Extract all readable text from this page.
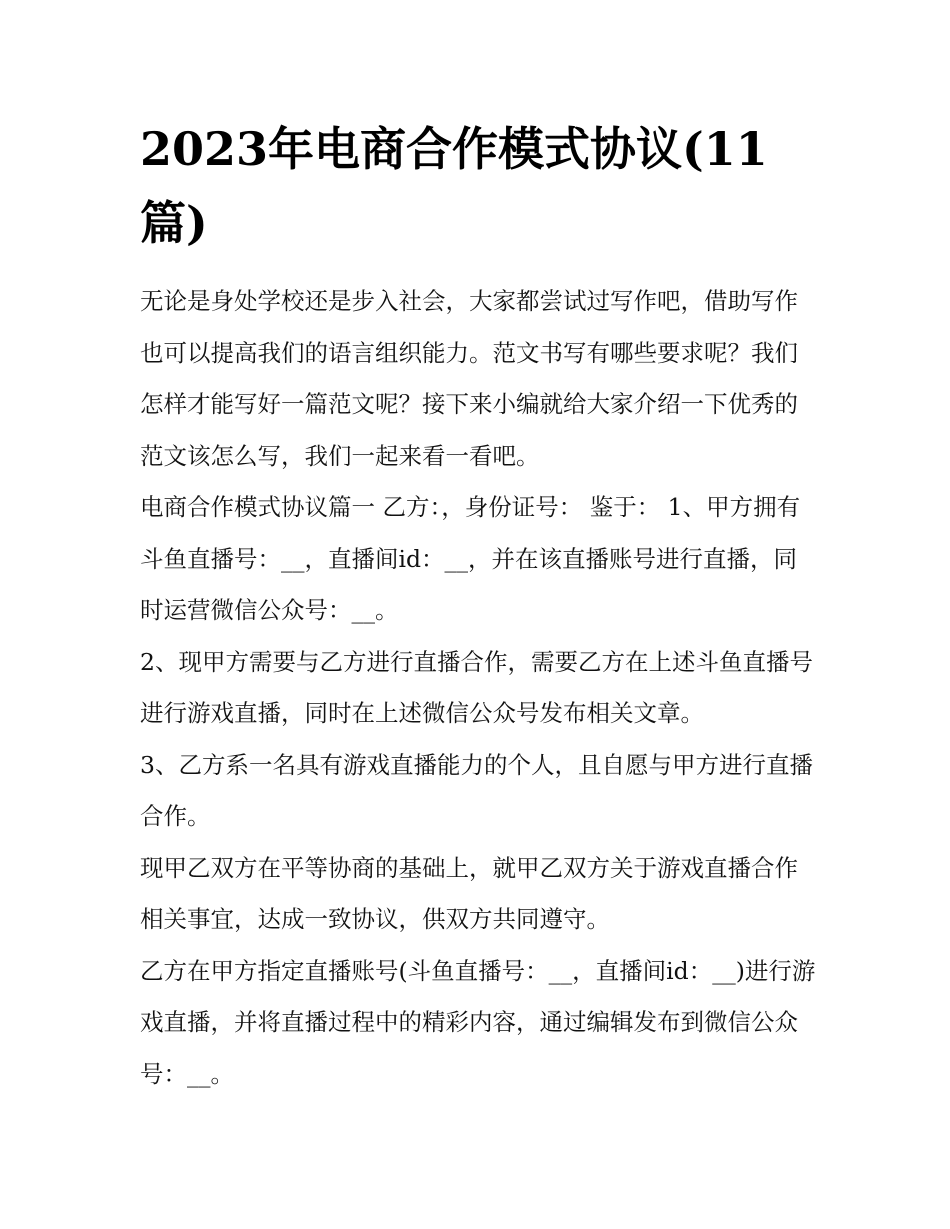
2023年电商合作模式协议(11篇)

无论是身处学校还是步入社会，大家都尝试过写作吧，借助写作也可以提高我们的语言组织能力。范文书写有哪些要求呢？我们怎样才能写好一篇范文呢？接下来小编就给大家介绍一下优秀的范文该怎么写，我们一起来看一看吧。

电商合作模式协议篇一 乙方：，身份证号： 鉴于： 1、甲方拥有斗鱼直播号：__，直播间id：__，并在该直播账号进行直播，同时运营微信公众号：__。

2、现甲方需要与乙方进行直播合作，需要乙方在上述斗鱼直播号进行游戏直播，同时在上述微信公众号发布相关文章。

3、乙方系一名具有游戏直播能力的个人，且自愿与甲方进行直播合作。

现甲乙双方在平等协商的基础上，就甲乙双方关于游戏直播合作相关事宜，达成一致协议，供双方共同遵守。

乙方在甲方指定直播账号(斗鱼直播号：__，直播间id：__)进行游戏直播，并将直播过程中的精彩内容，通过编辑发布到微信公众号：__。
